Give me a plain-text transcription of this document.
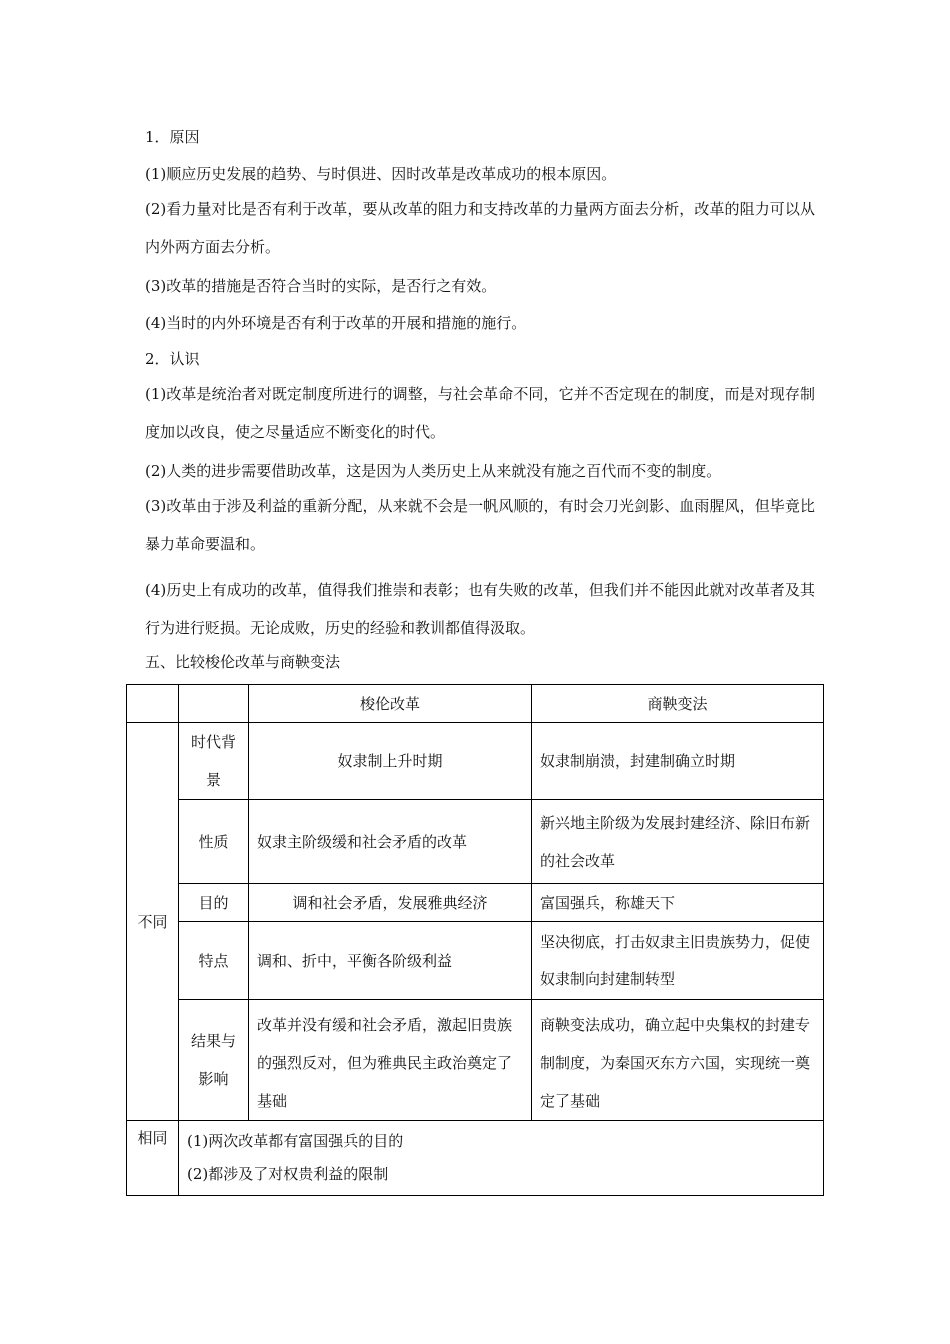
1．原因

(1)顺应历史发展的趋势、与时俱进、因时改革是改革成功的根本原因。

(2)看力量对比是否有利于改革，要从改革的阻力和支持改革的力量两方面去分析，改革的阻力可以从内外两方面去分析。

(3)改革的措施是否符合当时的实际，是否行之有效。

(4)当时的内外环境是否有利于改革的开展和措施的施行。

2．认识

(1)改革是统治者对既定制度所进行的调整，与社会革命不同，它并不否定现在的制度，而是对现存制度加以改良，使之尽量适应不断变化的时代。

(2)人类的进步需要借助改革，这是因为人类历史上从来就没有施之百代而不变的制度。

(3)改革由于涉及利益的重新分配，从来就不会是一帆风顺的，有时会刀光剑影、血雨腥风，但毕竟比暴力革命要温和。

(4)历史上有成功的改革，值得我们推崇和表彰；也有失败的改革，但我们并不能因此就对改革者及其行为进行贬损。无论成败，历史的经验和教训都值得汲取。

五、比较梭伦改革与商鞅变法

		梭伦改革	商鞅变法
不同	时代背景	奴隶制上升时期	奴隶制崩溃，封建制确立时期
	性质	奴隶主阶级缓和社会矛盾的改革	新兴地主阶级为发展封建经济、除旧布新的社会改革
	目的	调和社会矛盾，发展雅典经济	富国强兵，称雄天下
	特点	调和、折中，平衡各阶级利益	坚决彻底，打击奴隶主旧贵族势力，促使奴隶制向封建制转型
	结果与影响	改革并没有缓和社会矛盾，激起旧贵族的强烈反对，但为雅典民主政治奠定了基础	商鞅变法成功，确立起中央集权的封建专制制度，为秦国灭东方六国，实现统一奠定了基础
相同	(1)两次改革都有富国强兵的目的
(2)都涉及了对权贵利益的限制		
